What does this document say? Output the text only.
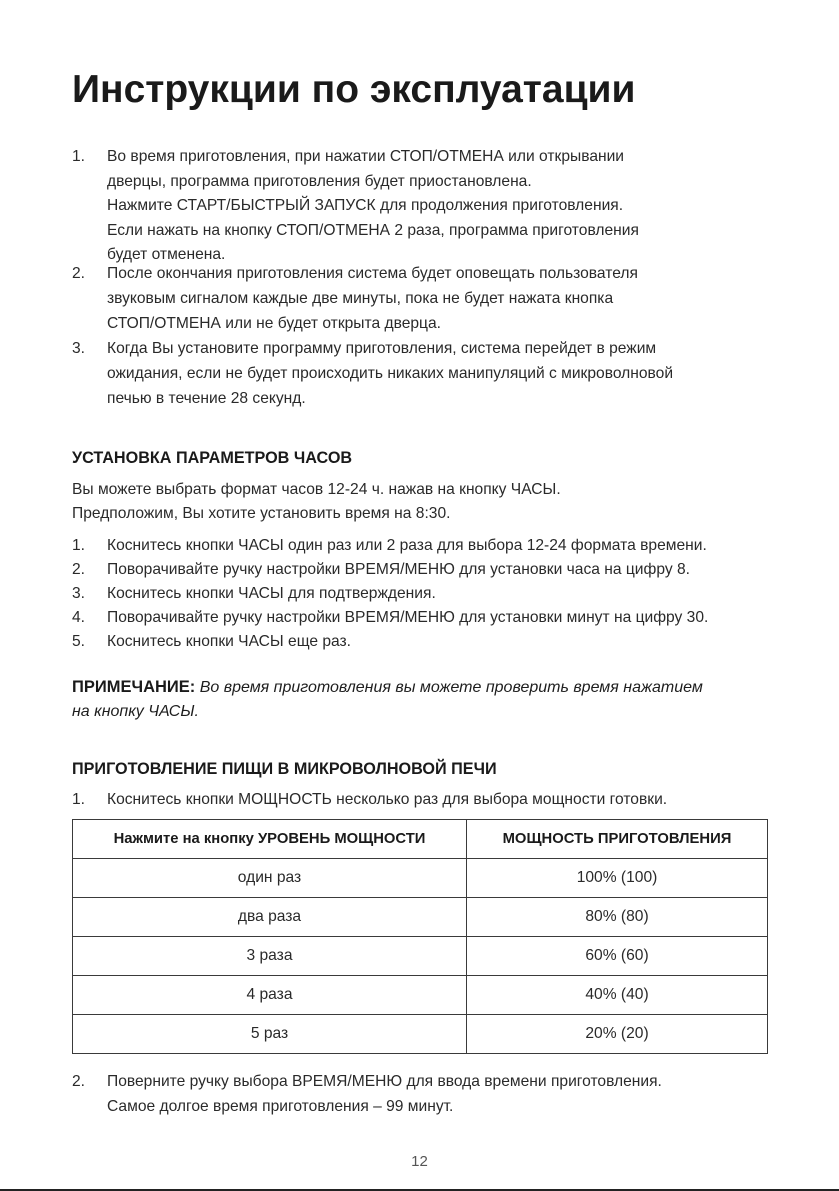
Инструкции по эксплуатации
1. Во время приготовления, при нажатии СТОП/ОТМЕНА или открывании
дверцы, программа приготовления будет приостановлена.
Нажмите СТАРТ/БЫСТРЫЙ ЗАПУСК для продолжения приготовления.
Если нажать на кнопку СТОП/ОТМЕНА 2 раза, программа приготовления
будет отменена.
2. После окончания приготовления система будет оповещать пользователя
звуковым сигналом каждые две минуты, пока не будет нажата кнопка
СТОП/ОТМЕНА или не будет открыта дверца.
3. Когда Вы установите программу приготовления, система перейдет в режим
ожидания, если не будет происходить никаких манипуляций с микроволновой
печью в течение 28 секунд.
УСТАНОВКА ПАРАМЕТРОВ ЧАСОВ
Вы можете выбрать формат часов 12-24 ч. нажав на кнопку ЧАСЫ.
Предположим, Вы хотите установить время на 8:30.
1. Коснитесь кнопки ЧАСЫ один раз или 2 раза для выбора 12-24 формата времени.
2. Поворачивайте ручку настройки ВРЕМЯ/МЕНЮ для установки часа на цифру 8.
3. Коснитесь кнопки ЧАСЫ для подтверждения.
4. Поворачивайте ручку настройки ВРЕМЯ/МЕНЮ для установки минут на цифру 30.
5. Коснитесь кнопки ЧАСЫ еще раз.
ПРИМЕЧАНИЕ: Во время приготовления вы можете проверить время нажатием
на кнопку ЧАСЫ.
ПРИГОТОВЛЕНИЕ ПИЩИ В МИКРОВОЛНОВОЙ ПЕЧИ
1. Коснитесь кнопки МОЩНОСТЬ несколько раз для выбора мощности готовки.
Нажмите на кнопку УРОВЕНЬ МОЩНОСТИ	МОЩНОСТЬ ПРИГОТОВЛЕНИЯ
один раз	100% (100)
два раза	80% (80)
3 раза	60% (60)
4 раза	40% (40)
5 раз	20% (20)
2. Поверните ручку выбора ВРЕМЯ/МЕНЮ для ввода времени приготовления.
Самое долгое время приготовления – 99 минут.
12
